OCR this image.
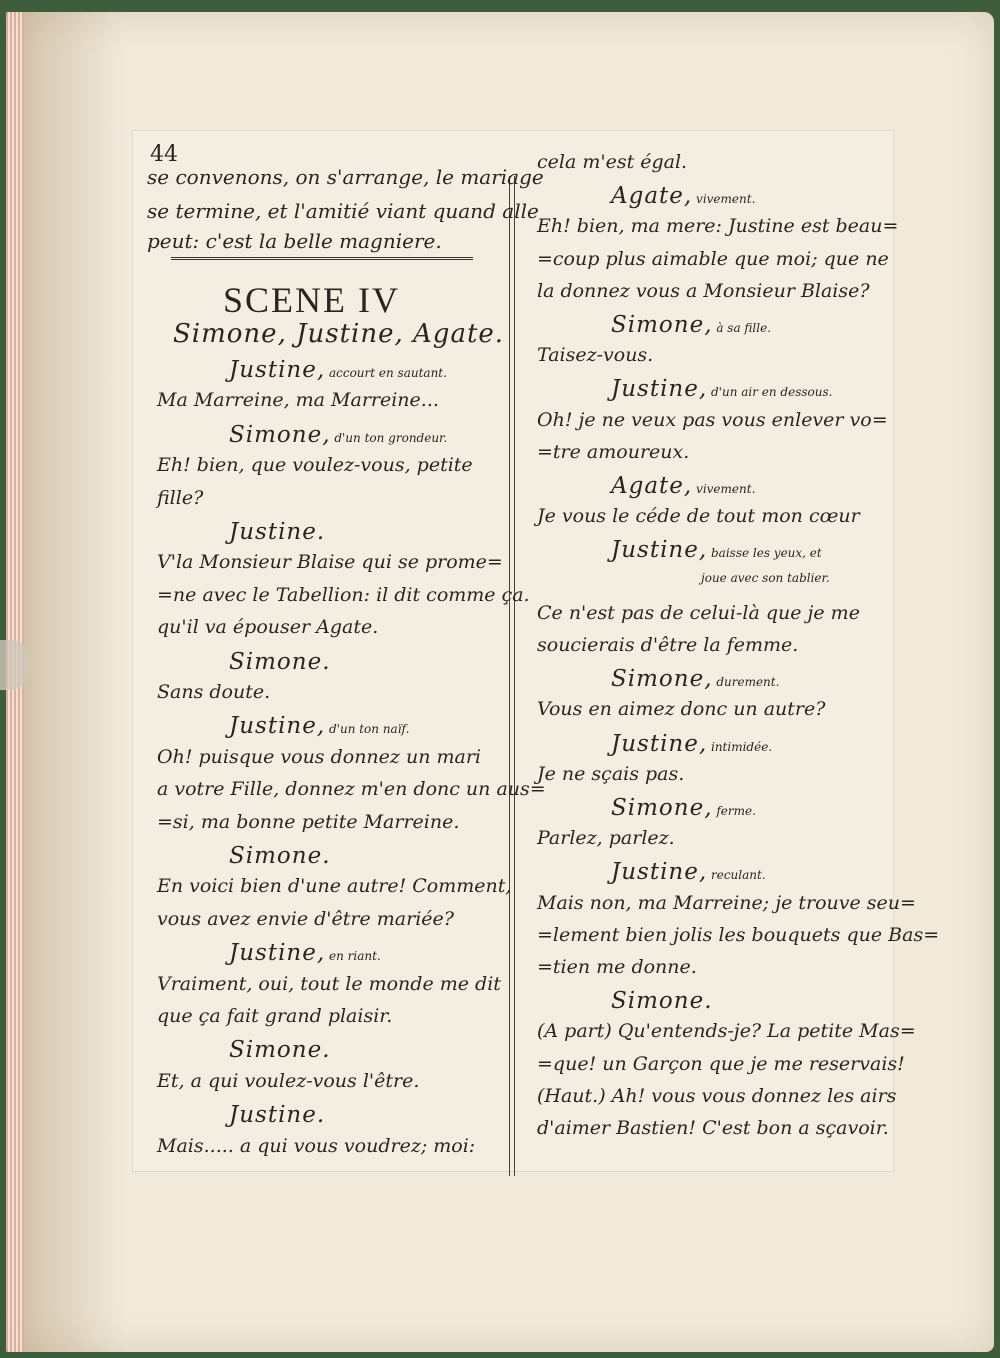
se convenons, on s'arrange, le mariage
se termine, et l'amitié viant quand alle
peut: c'est la belle magniere.
SCENE IV
Simone, Justine, Agate.
Justine, accourt en sautant.
Ma Marreine, ma Marreine...
Simone, d'un ton grondeur.
Eh! bien, que voulez-vous, petite
fille?
Justine.
V'la Monsieur Blaise qui se prome=
=ne avec le Tabellion: il dit comme ça.
qu'il va épouser Agate.
Simone.
Sans doute.
Justine, d'un ton naïf.
Oh! puisque vous donnez un mari
a votre Fille, donnez m'en donc un aus=
=si, ma bonne petite Marreine.
Simone.
En voici bien d'une autre! Comment,
vous avez envie d'être mariée?
Justine, en riant.
Vraiment, oui, tout le monde me dit
que ça fait grand plaisir.
Simone.
Et, a qui voulez-vous l'être.
Justine.
Mais..... a qui vous voudrez; moi:
cela m'est égal.
Agate, vivement.
Eh! bien, ma mere: Justine est beau=
=coup plus aimable que moi; que ne
la donnez vous a Monsieur Blaise?
Simone, à sa fille.
Taisez-vous.
Justine, d'un air en dessous.
Oh! je ne veux pas vous enlever vo=
=tre amoureux.
Agate, vivement.
Je vous le céde de tout mon cœur
Justine, baisse les yeux, et
joue avec son tablier.
Ce n'est pas de celui-là que je me
soucierais d'être la femme.
Simone, durement.
Vous en aimez donc un autre?
Justine, intimidée.
Je ne sçais pas.
Simone, ferme.
Parlez, parlez.
Justine, reculant.
Mais non, ma Marreine; je trouve seu=
=lement bien jolis les bouquets que Bas=
=tien me donne.
Simone.
(A part) Qu'entends-je? La petite Mas=
=que! un Garçon que je me reservais!
(Haut.) Ah! vous vous donnez les airs
d'aimer Bastien! C'est bon a sçavoir.
44
